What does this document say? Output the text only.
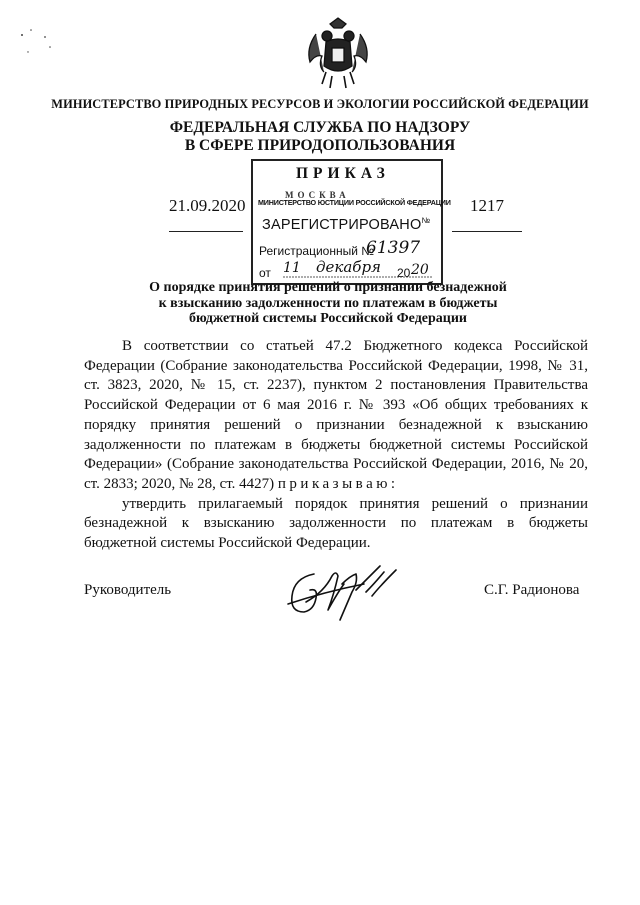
МИНИСТЕРСТВО ПРИРОДНЫХ РЕСУРСОВ И ЭКОЛОГИИ РОССИЙСКОЙ ФЕДЕРАЦИИ
ФЕДЕРАЛЬНАЯ СЛУЖБА ПО НАДЗОРУ
В СФЕРЕ ПРИРОДОПОЛЬЗОВАНИЯ
ПРИКАЗ
МОСКВА
21.09.2020	1217
МИНИСТЕРСТВО ЮСТИЦИИ РОССИЙСКОЙ ФЕДЕРАЦИИ
ЗАРЕГИСТРИРОВАНО№
Регистрационный №
61397
от 11 декабря 20 20
О порядке принятия решений о признании безнадежной
к взысканию задолженности по платежам в бюджеты
бюджетной системы Российской Федерации

В соответствии со статьей 47.2 Бюджетного кодекса Российской Федерации (Собрание законодательства Российской Федерации, 1998, № 31, ст. 3823, 2020, № 15, ст. 2237), пунктом 2 постановления Правительства Российской Федерации от 6 мая 2016 г. № 393 «Об общих требованиях к порядку принятия решений о признании безнадежной к взысканию задолженности по платежам в бюджеты бюджетной системы Российской Федерации» (Собрание законодательства Российской Федерации, 2016, № 20, ст. 2833; 2020, № 28, ст. 4427) приказываю:

утвердить прилагаемый порядок принятия решений о признании безнадежной к взысканию задолженности по платежам в бюджеты бюджетной системы Российской Федерации.

Руководитель	С.Г. Радионова
